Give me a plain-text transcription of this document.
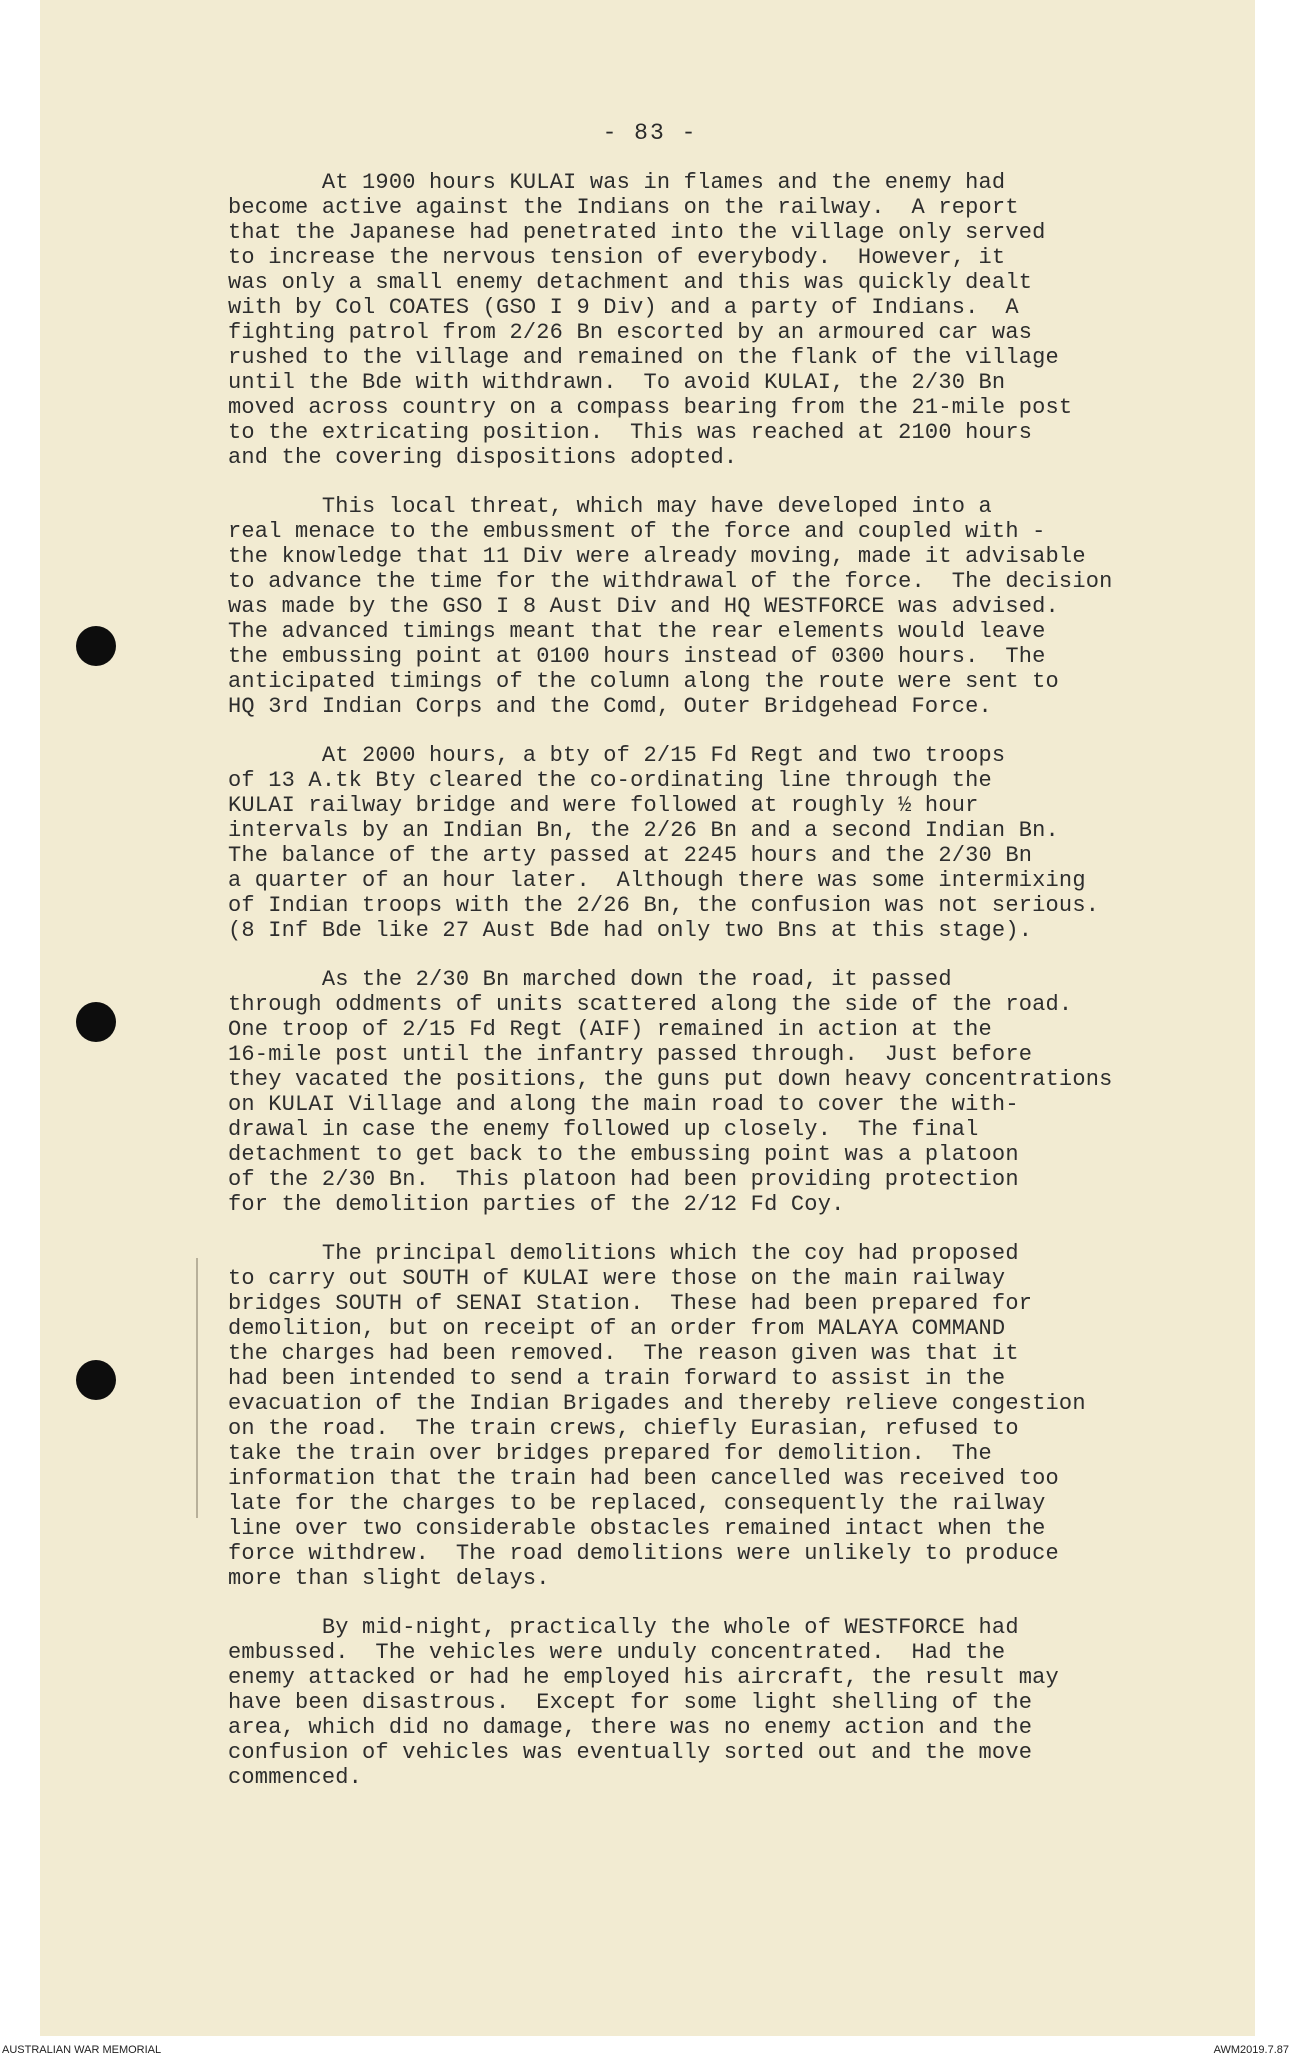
- 83 -

At 1900 hours KULAI was in flames and the enemy had
become active against the Indians on the railway.  A report
that the Japanese had penetrated into the village only served
to increase the nervous tension of everybody.  However, it
was only a small enemy detachment and this was quickly dealt
with by Col COATES (GSO I 9 Div) and a party of Indians.  A
fighting patrol from 2/26 Bn escorted by an armoured car was
rushed to the village and remained on the flank of the village
until the Bde with withdrawn.  To avoid KULAI, the 2/30 Bn
moved across country on a compass bearing from the 21-mile post
to the extricating position.  This was reached at 2100 hours
and the covering dispositions adopted.

This local threat, which may have developed into a
real menace to the embussment of the force and coupled with -
the knowledge that 11 Div were already moving, made it advisable
to advance the time for the withdrawal of the force.  The decision
was made by the GSO I 8 Aust Div and HQ WESTFORCE was advised.
The advanced timings meant that the rear elements would leave
the embussing point at 0100 hours instead of 0300 hours.  The
anticipated timings of the column along the route were sent to
HQ 3rd Indian Corps and the Comd, Outer Bridgehead Force.

At 2000 hours, a bty of 2/15 Fd Regt and two troops
of 13 A.tk Bty cleared the co-ordinating line through the
KULAI railway bridge and were followed at roughly ½ hour
intervals by an Indian Bn, the 2/26 Bn and a second Indian Bn.
The balance of the arty passed at 2245 hours and the 2/30 Bn
a quarter of an hour later.  Although there was some intermixing
of Indian troops with the 2/26 Bn, the confusion was not serious.
(8 Inf Bde like 27 Aust Bde had only two Bns at this stage).

As the 2/30 Bn marched down the road, it passed
through oddments of units scattered along the side of the road.
One troop of 2/15 Fd Regt (AIF) remained in action at the
16-mile post until the infantry passed through.  Just before
they vacated the positions, the guns put down heavy concentrations
on KULAI Village and along the main road to cover the with-
drawal in case the enemy followed up closely.  The final
detachment to get back to the embussing point was a platoon
of the 2/30 Bn.  This platoon had been providing protection
for the demolition parties of the 2/12 Fd Coy.

The principal demolitions which the coy had proposed
to carry out SOUTH of KULAI were those on the main railway
bridges SOUTH of SENAI Station.  These had been prepared for
demolition, but on receipt of an order from MALAYA COMMAND
the charges had been removed.  The reason given was that it
had been intended to send a train forward to assist in the
evacuation of the Indian Brigades and thereby relieve congestion
on the road.  The train crews, chiefly Eurasian, refused to
take the train over bridges prepared for demolition.  The
information that the train had been cancelled was received too
late for the charges to be replaced, consequently the railway
line over two considerable obstacles remained intact when the
force withdrew.  The road demolitions were unlikely to produce
more than slight delays.

By mid-night, practically the whole of WESTFORCE had
embussed.  The vehicles were unduly concentrated.  Had the
enemy attacked or had he employed his aircraft, the result may
have been disastrous.  Except for some light shelling of the
area, which did no damage, there was no enemy action and the
confusion of vehicles was eventually sorted out and the move
commenced.

AUSTRALIAN WAR MEMORIAL	AWM2019.7.87
